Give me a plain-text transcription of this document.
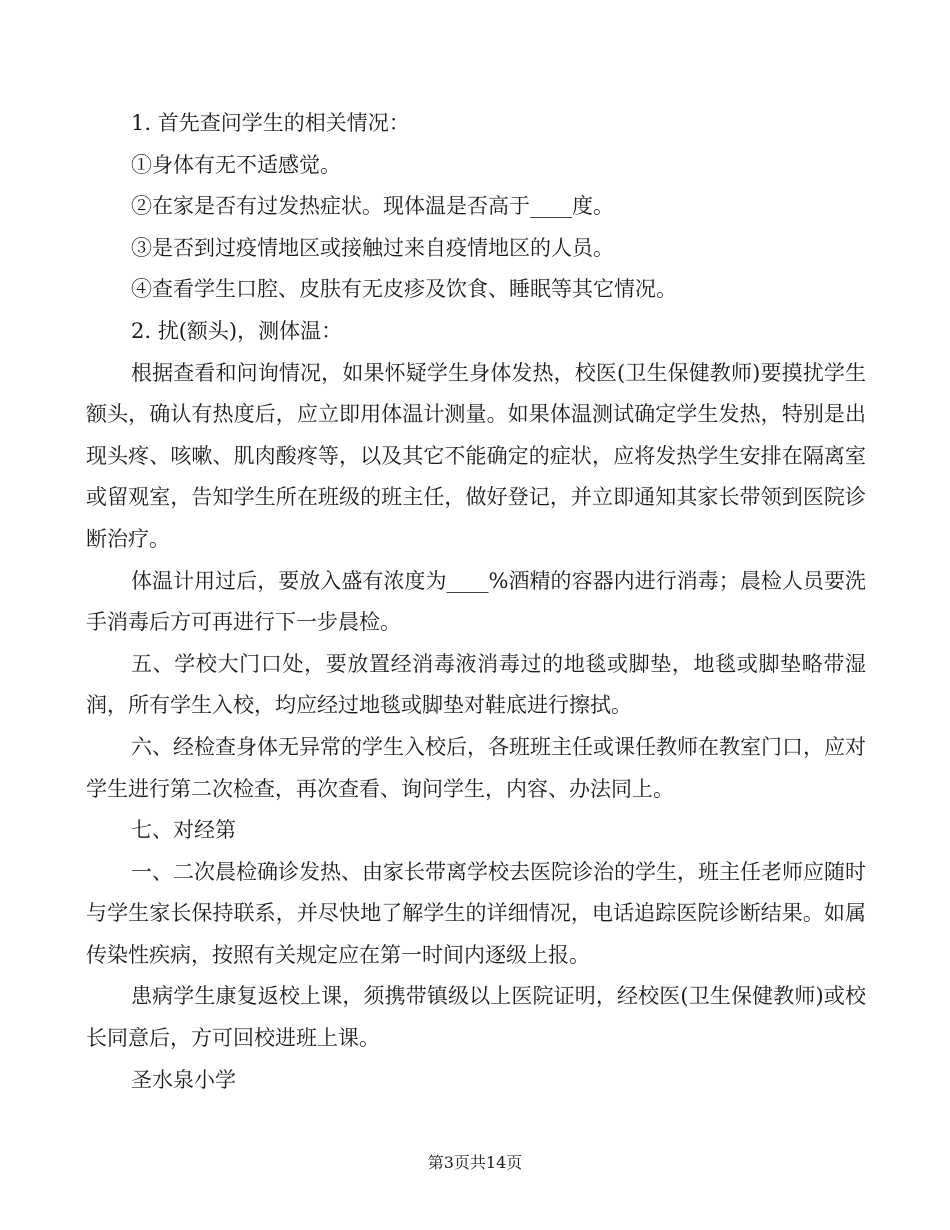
1. 首先查问学生的相关情况：

①身体有无不适感觉。

②在家是否有过发热症状。现体温是否高于____度。

③是否到过疫情地区或接触过来自疫情地区的人员。

④查看学生口腔、皮肤有无皮疹及饮食、睡眠等其它情况。

2. 扰(额头)，测体温：

根据查看和问询情况，如果怀疑学生身体发热，校医(卫生保健教师)要摸扰学生额头，确认有热度后，应立即用体温计测量。如果体温测试确定学生发热，特别是出现头疼、咳嗽、肌肉酸疼等，以及其它不能确定的症状，应将发热学生安排在隔离室或留观室，告知学生所在班级的班主任，做好登记，并立即通知其家长带领到医院诊断治疗。

体温计用过后，要放入盛有浓度为____%酒精的容器内进行消毒；晨检人员要洗手消毒后方可再进行下一步晨检。

五、学校大门口处，要放置经消毒液消毒过的地毯或脚垫，地毯或脚垫略带湿润，所有学生入校，均应经过地毯或脚垫对鞋底进行擦拭。

六、经检查身体无异常的学生入校后，各班班主任或课任教师在教室门口，应对学生进行第二次检查，再次查看、询问学生，内容、办法同上。

七、对经第

一、二次晨检确诊发热、由家长带离学校去医院诊治的学生，班主任老师应随时与学生家长保持联系，并尽快地了解学生的详细情况，电话追踪医院诊断结果。如属传染性疾病，按照有关规定应在第一时间内逐级上报。

患病学生康复返校上课，须携带镇级以上医院证明，经校医(卫生保健教师)或校长同意后，方可回校进班上课。

圣水泉小学

第3页共14页
